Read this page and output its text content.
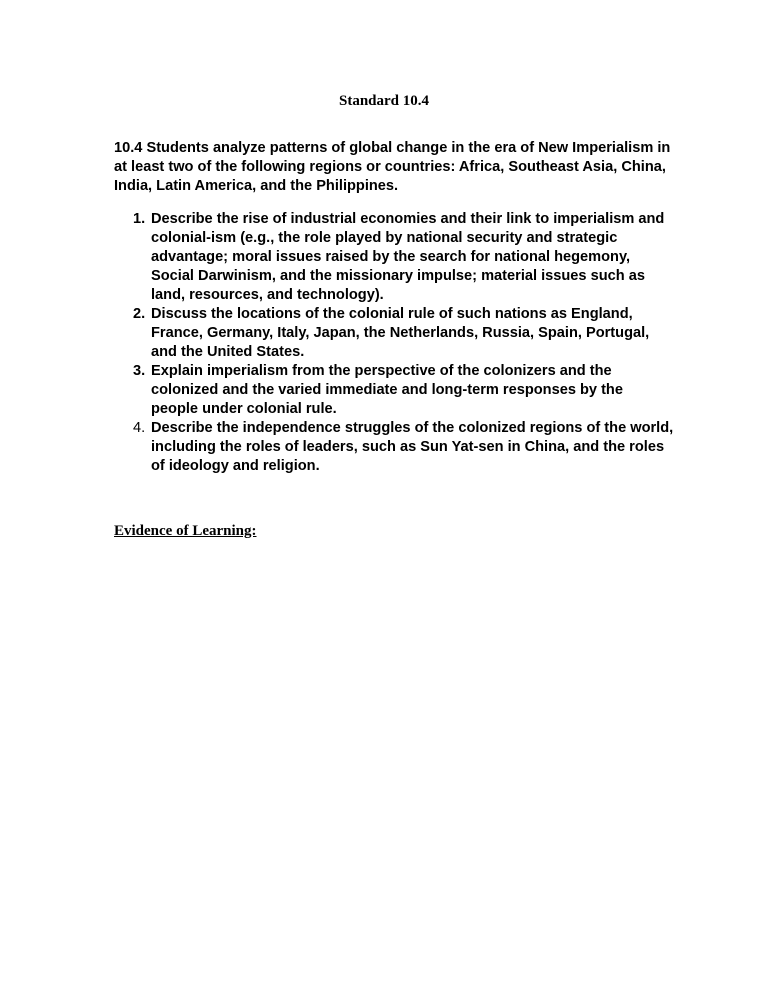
Standard 10.4

10.4 Students analyze patterns of global change in the era of New Imperialism in at least two of the following regions or countries: Africa, Southeast Asia, China, India, Latin America, and the Philippines.

1. Describe the rise of industrial economies and their link to imperialism and colonial-ism (e.g., the role played by national security and strategic advantage; moral issues raised by the search for national hegemony, Social Darwinism, and the missionary impulse; material issues such as land, resources, and technology).
2. Discuss the locations of the colonial rule of such nations as England, France, Germany, Italy, Japan, the Netherlands, Russia, Spain, Portugal, and the United States.
3. Explain imperialism from the perspective of the colonizers and the colonized and the varied immediate and long-term responses by the people under colonial rule.
4. Describe the independence struggles of the colonized regions of the world, including the roles of leaders, such as Sun Yat-sen in China, and the roles of ideology and religion.
Evidence of Learning:
